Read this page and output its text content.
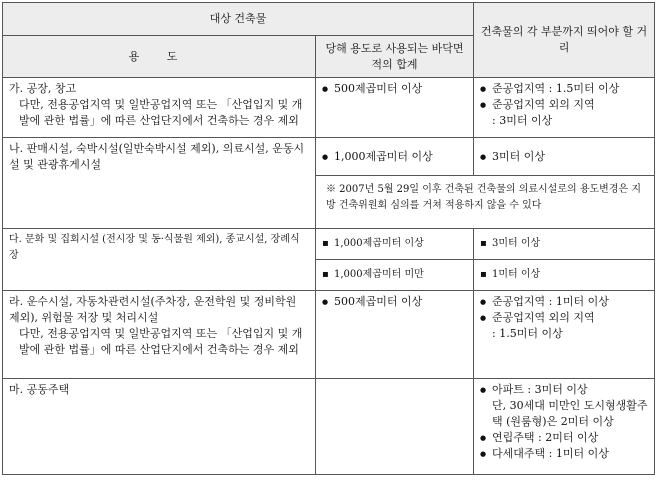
대상 건축물		건축물의 각 부분까지 띄어야 할 거리
용 도	당해 용도로 사용되는 바닥면적의 합계	

가. 공장, 창고
다만, 전용공업지역 및 일반공업지역 또는 「산업입지 및 개발에 관한 법률」에 따른 산업단지에서 건축하는 경우 제외	● 500제곱미터 이상	● 준공업지역 : 1.5미터 이상
● 준공업지역 외의 지역
: 3미터 이상

나. 판매시설, 숙박시설(일반숙박시설 제외), 의료시설, 운동시설 및 관광휴게시설	● 1,000제곱미터 이상	● 3미터 이상

	※ 2007년 5월 29일 이후 건축된 건축물의 의료시설로의 용도변경은 지방 건축위원회 심의를 거쳐 적용하지 않을 수 있다	
다. 문화 및 집회시설 (전시장 및 동·식물원 제외), 종교시설, 장례식장	▪ 1,000제곱미터 이상	▪ 3미터 이상

	▪ 1,000제곱미터 미만	▪ 1미터 이상

라. 운수시설, 자동차관련시설(주차장, 운전학원 및 정비학원 제외), 위험물 저장 및 처리시설
다만, 전용공업지역 및 일반공업지역 또는 「산업입지 및 개발에 관한 법률」에 따른 산업단지에서 건축하는 경우 제외	● 500제곱미터 이상	● 준공업지역 : 1미터 이상
● 준공업지역 외의 지역
: 1.5미터 이상

마. 공동주택		● 아파트 : 3미터 이상
단, 30세대 미만인 도시형생활주택 (원룸형)은 2미터 이상
● 연립주택 : 2미터 이상
● 다세대주택 : 1미터 이상
